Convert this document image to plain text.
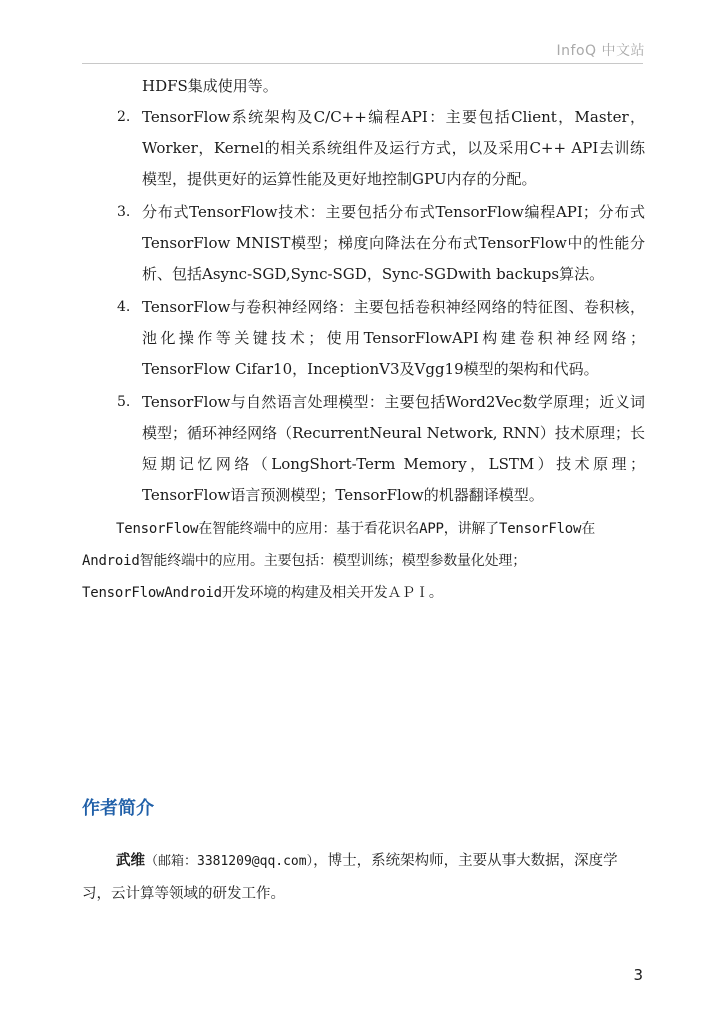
InfoQ 中文站
HDFS集成使用等。
2. TensorFlow系统架构及C/C++编程API：主要包括Client，Master，Worker，Kernel的相关系统组件及运行方式，以及采用C++ API去训练模型，提供更好的运算性能及更好地控制GPU内存的分配。
3. 分布式TensorFlow技术：主要包括分布式TensorFlow编程API；分布式TensorFlow MNIST模型；梯度向降法在分布式TensorFlow中的性能分析、包括Async-SGD,Sync-SGD，Sync-SGDwith backups算法。
4. TensorFlow与卷积神经网络：主要包括卷积神经网络的特征图、卷积核，池化操作等关键技术；使用TensorFlowAPI构建卷积神经网络；TensorFlow Cifar10，InceptionV3及Vgg19模型的架构和代码。
5. TensorFlow与自然语言处理模型：主要包括Word2Vec数学原理；近义词模型；循环神经网络（RecurrentNeural Network, RNN）技术原理；长短期记忆网络（LongShort-Term Memory，LSTM）技术原理；TensorFlow语言预测模型；TensorFlow的机器翻译模型。

TensorFlow在智能终端中的应用：基于看花识名APP，讲解了TensorFlow在Android智能终端中的应用。主要包括：模型训练；模型参数量化处理；TensorFlowAndroid开发环境的构建及相关开发ＡＰＩ。

作者简介

武维（邮箱：3381209@qq.com），博士，系统架构师，主要从事大数据，深度学习，云计算等领域的研发工作。

3
